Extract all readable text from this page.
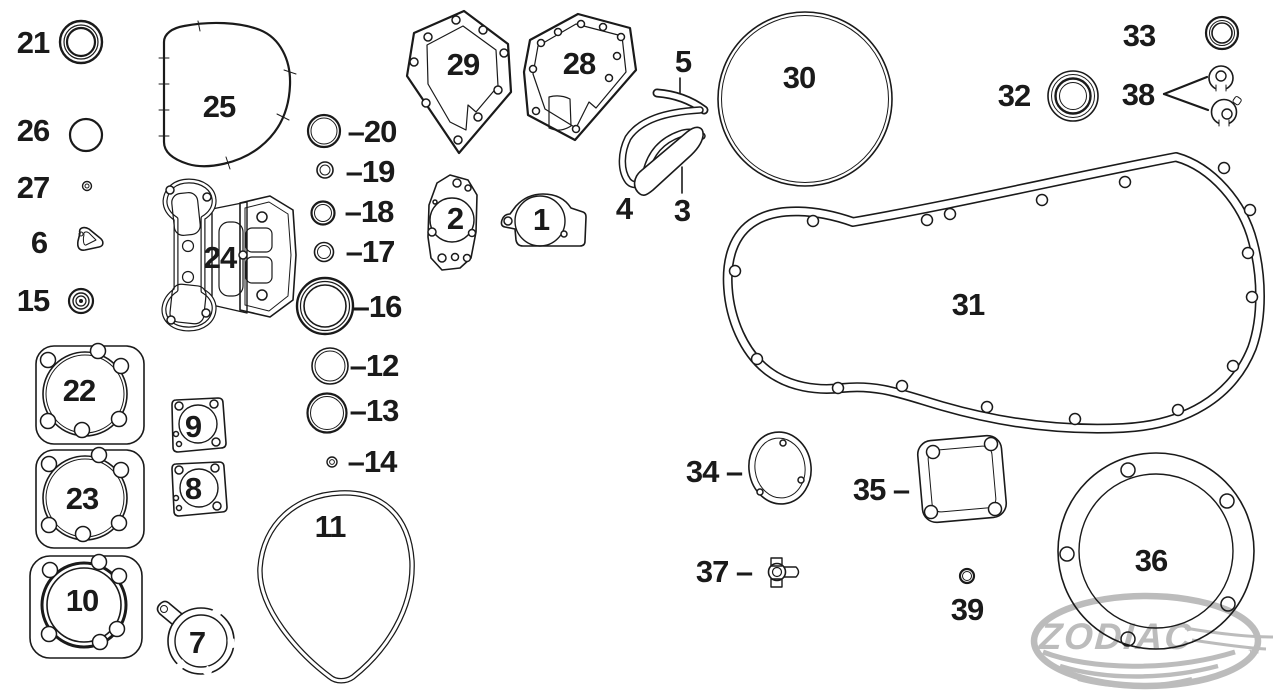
21
26
27
6
15
25
24
–20
–19
–18
–17
–16
–12
–13
–14
29	28	5
4 3
2 1
30
33
32	38
31
22
23
10
9
8
7
11
34 –
35 –
37 –
39
ZODIAC	™
36
